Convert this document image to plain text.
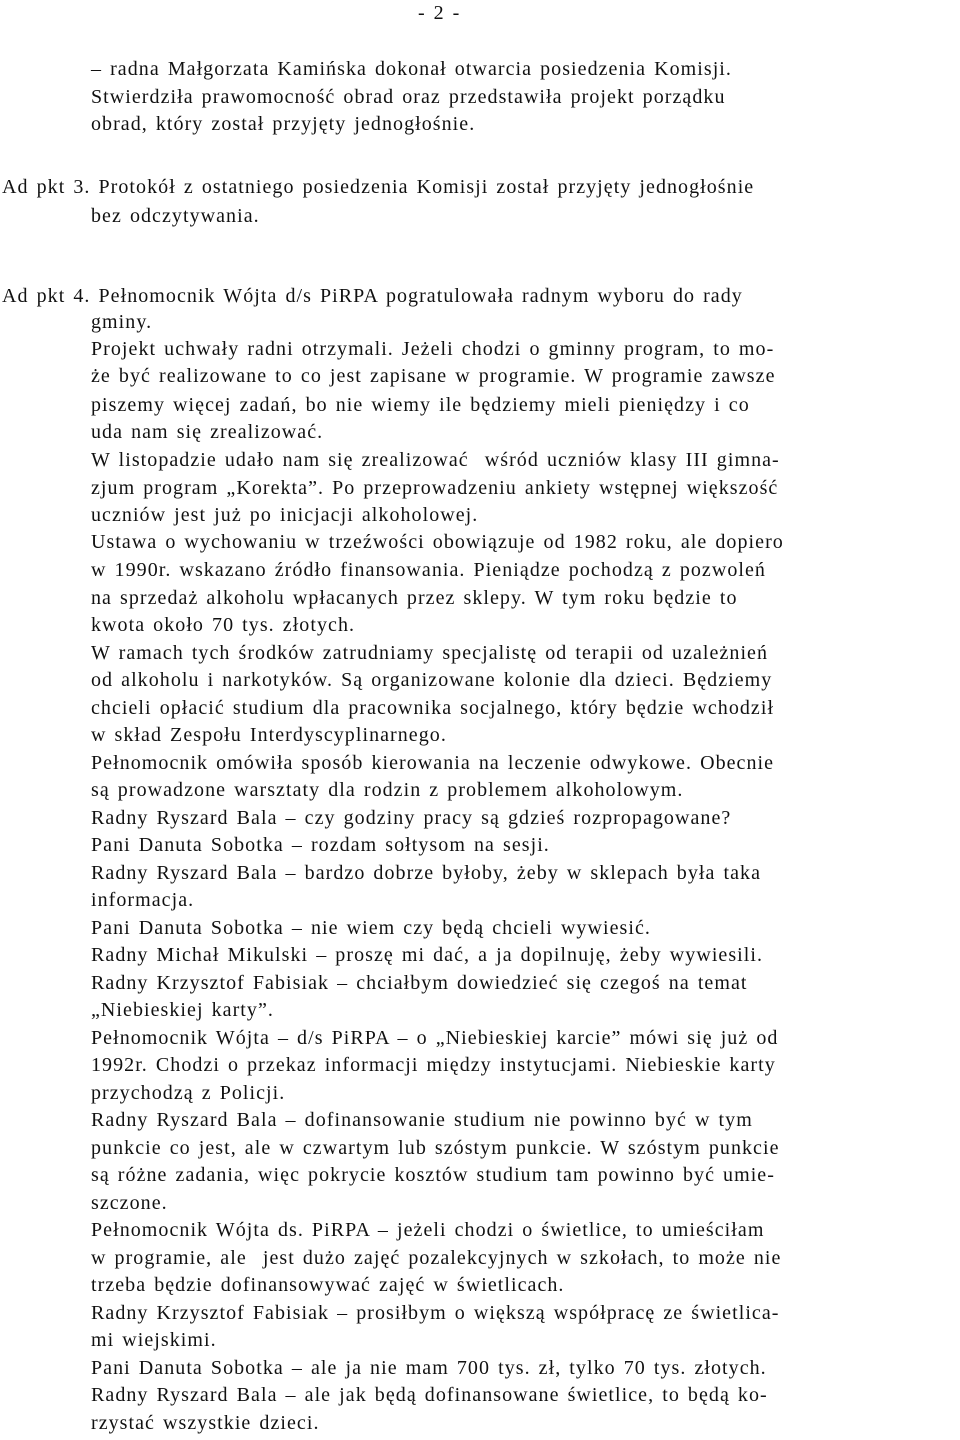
- 2 -
– radna Małgorzata Kamińska dokonał otwarcia posiedzenia Komisji.
Stwierdziła prawomocność obrad oraz przedstawiła projekt porządku
obrad, który został przyjęty jednogłośnie.
Ad pkt 3. Protokół z ostatniego posiedzenia Komisji został przyjęty jednogłośnie
bez odczytywania.
Ad pkt 4. Pełnomocnik Wójta d/s PiRPA pogratulowała radnym wyboru do rady
gminy.
Projekt uchwały radni otrzymali. Jeżeli chodzi o gminny program, to mo-
że być realizowane to co jest zapisane w programie. W programie zawsze
piszemy więcej zadań, bo nie wiemy ile będziemy mieli pieniędzy i co
uda nam się zrealizować.
W listopadzie udało nam się zrealizować  wśród uczniów klasy III gimna-
zjum program „Korekta”. Po przeprowadzeniu ankiety wstępnej większość
uczniów jest już po inicjacji alkoholowej.
Ustawa o wychowaniu w trzeźwości obowiązuje od 1982 roku, ale dopiero
w 1990r. wskazano źródło finansowania. Pieniądze pochodzą z pozwoleń
na sprzedaż alkoholu wpłacanych przez sklepy. W tym roku będzie to
kwota około 70 tys. złotych.
W ramach tych środków zatrudniamy specjalistę od terapii od uzależnień
od alkoholu i narkotyków. Są organizowane kolonie dla dzieci. Będziemy
chcieli opłacić studium dla pracownika socjalnego, który będzie wchodził
w skład Zespołu Interdyscyplinarnego.
Pełnomocnik omówiła sposób kierowania na leczenie odwykowe. Obecnie
są prowadzone warsztaty dla rodzin z problemem alkoholowym.
Radny Ryszard Bala – czy godziny pracy są gdzieś rozpropagowane?
Pani Danuta Sobotka – rozdam sołtysom na sesji.
Radny Ryszard Bala – bardzo dobrze byłoby, żeby w sklepach była taka
informacja.
Pani Danuta Sobotka – nie wiem czy będą chcieli wywiesić.
Radny Michał Mikulski – proszę mi dać, a ja dopilnuję, żeby wywiesili.
Radny Krzysztof Fabisiak – chciałbym dowiedzieć się czegoś na temat
„Niebieskiej karty”.
Pełnomocnik Wójta – d/s PiRPA – o „Niebieskiej karcie” mówi się już od
1992r. Chodzi o przekaz informacji między instytucjami. Niebieskie karty
przychodzą z Policji.
Radny Ryszard Bala – dofinansowanie studium nie powinno być w tym
punkcie co jest, ale w czwartym lub szóstym punkcie. W szóstym punkcie
są różne zadania, więc pokrycie kosztów studium tam powinno być umie-
szczone.
Pełnomocnik Wójta ds. PiRPA – jeżeli chodzi o świetlice, to umieściłam
w programie, ale  jest dużo zajęć pozalekcyjnych w szkołach, to może nie
trzeba będzie dofinansowywać zajęć w świetlicach.
Radny Krzysztof Fabisiak – prosiłbym o większą współpracę ze świetlica-
mi wiejskimi.
Pani Danuta Sobotka – ale ja nie mam 700 tys. zł, tylko 70 tys. złotych.
Radny Ryszard Bala – ale jak będą dofinansowane świetlice, to będą ko-
rzystać wszystkie dzieci.
